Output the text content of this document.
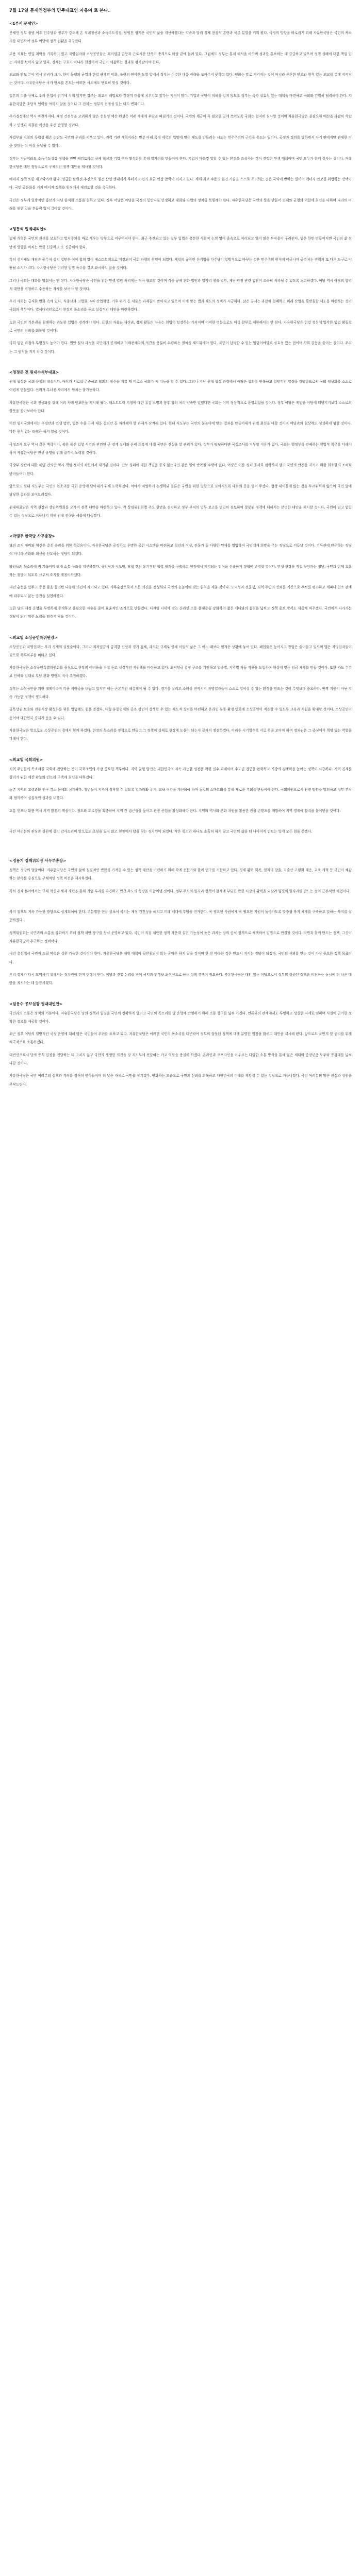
7월 17일 문재인정부의 민주대표인 자유여 로 본다.
<1부서 문재인>
문재인 정부 출범 이후 민주당과 정부가 강조해 온 적폐청산과 소득주도성장, 탈원전 정책은 국민의 삶을 개선하겠다는 약속과 달리 경제 현장의 혼란과 국론 분열을 키워 왔다. 국정의 방향을 바로잡기 위해 자유한국당은 국민의 목소리를 대변하여 정부 여당에 정책 전환을 촉구한다.
고용 지표는 연일 최악을 기록하고 있고 자영업자와 소상공인들은 최저임금 급등과 근로시간 단축의 충격으로 벼랑 끝에 몰려 있다. 그럼에도 정부는 통계 해석을 바꾸며 성과를 홍보하는 데 급급하고 있으며 정책 실패에 대한 책임 있는 자세를 보이지 않고 있다. 경제는 구호가 아니라 현실이며 국민이 체감하는 결과로 평가받아야 한다.
외교와 안보 분야 역시 우려가 크다. 한미 동맹의 균열과 한일 관계의 악화, 북한의 연이은 도발 앞에서 정부는 뚜렷한 대응 전략을 보여주지 못하고 있다. 평화는 말로 지켜지는 것이 아니라 튼튼한 안보와 원칙 있는 외교를 통해 지켜지는 것이다. 자유한국당은 국가 안보를 흔드는 어떠한 시도에도 단호히 맞설 것이다.
일본의 수출 규제로 우리 산업이 위기에 처해 있지만 정부는 외교적 해법보다 감정적 대응에 치우치고 있다는 지적이 많다. 기업과 국민이 피해를 입지 않도록 정부는 즉각 실효성 있는 대책을 마련하고 국회와 긴밀히 협력해야 한다. 자유한국당은 초당적 협력을 아끼지 않을 것이나 그 전제는 정부의 진정성 있는 태도 변화이다.
추가경정예산 역시 마찬가지다. 재정 건전성을 고려하지 않은 선심성 예산 편성은 미래 세대에 부담을 떠넘기는 것이다. 국민의 세금이 꼭 필요한 곳에 쓰이도록 국회는 철저히 심사할 것이며 자유한국당은 불필요한 예산을 과감히 삭감하고 민생과 직결된 예산을 우선 반영할 것이다.
사법부와 검찰의 독립성 훼손 논란도 국민의 우려를 키우고 있다. 권력 기관 개혁이라는 명분 아래 특정 세력의 입맛에 맞는 제도를 만들려는 시도는 민주주의의 근간을 흔드는 일이다. 공정과 정의를 말하면서 자기 편에게만 관대한 이중 잣대는 더 이상 용납될 수 없다.
정부는 지금이라도 소득주도성장 정책을 전면 재검토하고 규제 혁신과 기업 투자 활성화를 통해 일자리를 만들어야 한다. 기업이 마음껏 일할 수 있는 환경을 조성하는 것이 진정한 민생 대책이며 국민 모두가 함께 잘사는 길이다. 자유한국당은 대안 정당으로서 구체적인 정책 대안을 제시할 것이다.
에너지 정책 또한 재고되어야 한다. 성급한 탈원전 추진으로 원전 산업 생태계가 무너지고 전기 요금 인상 압박이 커지고 있다. 세계 최고 수준의 원전 기술을 스스로 포기하는 것은 국익에 반하는 일이며 에너지 안보를 위협하는 선택이다. 국민 공론화를 거쳐 에너지 정책을 원점에서 재검토할 것을 촉구한다.
국민은 정부에 일방적인 홍보가 아닌 솔직한 소통을 원하고 있다. 정부 여당은 야당을 국정의 동반자로 인정하고 대화와 타협의 정치를 복원해야 한다. 자유한국당은 국민의 뜻을 받들어 견제와 균형의 역할에 최선을 다하며 나라의 미래를 위한 길을 흔들림 없이 걸어갈 것이다.
<정동석 법제대리인>
법제 개혁은 국민의 권리를 보호하고 법치주의를 바로 세우는 방향으로 이루어져야 한다. 최근 추진되고 있는 일부 입법은 충분한 사회적 논의 없이 졸속으로 처리되고 있어 많은 부작용이 우려된다. 법은 한번 만들어지면 국민의 삶 전반에 영향을 미치는 만큼 신중하고 또 신중해야 한다.
특히 선거제도 개편과 공수처 설치 법안은 여야 합의 없이 패스트트랙으로 지정되어 국회 파행의 원인이 되었다. 게임의 규칙인 선거법을 다수당이 일방적으로 바꾸는 것은 민주주의 원칙에 어긋나며 공수처는 권력의 또 다른 도구로 악용될 소지가 크다. 자유한국당은 이러한 입법 독주를 결코 좌시하지 않을 것이다.
그러나 국회는 대화를 멈춰서는 안 된다. 자유한국당은 국민을 위한 민생 법안 처리에는 적극 협조할 것이며 각종 규제 완화 법안과 일자리 창출 법안, 재난 안전 관련 법안이 조속히 처리될 수 있도록 노력하겠다. 여당 역시 야당의 합리적 대안을 경청하고 수용하는 자세를 보여야 할 것이다.
우리 사회는 급격한 변화 속에 있다. 저출산과 고령화, 4차 산업혁명, 기후 위기 등 새로운 과제들이 쏟아지고 있으며 이에 맞는 법과 제도의 정비가 시급하다. 낡은 규제는 과감히 철폐하고 미래 산업을 뒷받침할 제도를 마련하는 것이 국회의 책무이다. 법제대리인으로서 현장의 목소리를 듣고 실질적인 대안을 마련하겠다.
또한 국민의 기본권을 침해하는 과도한 입법은 경계해야 한다. 표현의 자유와 재산권, 경제 활동의 자유는 헌법이 보장하는 가치이며 어떠한 명분으로도 이를 함부로 제한해서는 안 된다. 자유한국당은 헌법 정신에 입각한 입법 활동으로 국민의 신뢰를 회복할 것이다.
국회 입법 과정의 투명성도 높여야 한다. 법안 심사 과정을 국민에게 공개하고 이해관계자의 의견을 충분히 수렴하는 절차를 제도화해야 한다. 국민이 납득할 수 있는 입법이야말로 실효성 있는 법이며 사회 갈등을 줄이는 길이다. 우리는 그 원칙을 지켜 나갈 것이다.
<정정준 전 원내수석부대표>
원내 협상은 국회 운영의 핵심이다. 여야가 서로를 존중하고 합의의 정신을 지킬 때 비로소 국회가 제 기능을 할 수 있다. 그러나 지난 원내 협상 과정에서 여당은 합의를 번복하고 일방적인 일정을 강행함으로써 국회 정상화를 스스로 어렵게 만들었다. 신뢰가 무너진 자리에서 협치는 불가능하다.
자유한국당은 국회 정상화를 위해 여러 차례 양보안을 제시해 왔다. 패스트트랙 지정에 대한 유감 표명과 향후 합의 처리 약속만 있었다면 국회는 이미 정상적으로 운영되었을 것이다. 정부 여당은 책임을 야당에 떠넘기기보다 스스로의 잘못을 돌아보아야 한다.
이번 임시국회에서는 추경안과 민생 법안, 일본 수출 규제 대응 결의안 등 처리해야 할 과제가 산적해 있다. 원내 지도부는 국민의 눈높이에 맞는 결과를 만들어내기 위해 최선을 다할 것이며 여당과의 협상에도 성실하게 임할 것이다. 다만 원칙 없는 타협은 하지 않을 것이다.
국정조사 요구 역시 같은 맥락이다. 북한 목선 입항 사건과 관련된 군 경계 실패와 은폐 의혹에 대해 국민은 진실을 알 권리가 있다. 정부가 떳떳하다면 국정조사를 거부할 이유가 없다. 국회는 행정부를 견제하는 헌법적 책무를 다해야 하며 자유한국당은 진상 규명을 위해 끝까지 노력할 것이다.
국방부 장관에 대한 해임 건의안 역시 책임 정치의 차원에서 제기된 것이다. 안보 실패에 대한 책임을 묻지 않는다면 같은 일이 반복될 수밖에 없다. 여당은 이를 정치 공세로 폄하하지 말고 국민의 안전을 지키기 위한 최소한의 조치로 받아들여야 한다.
앞으로도 원내 지도부는 국민의 목소리를 국회 운영에 담아내기 위해 노력하겠다. 여야가 치열하게 논쟁하되 결론은 국민을 위한 방향으로 모아지도록 대화의 문을 열어 두겠다. 협상 테이블에 앉는 것을 두려워하지 않으며 국민 앞에 당당한 결과를 보여드리겠다.
원내대표단은 지역 현장과 상임위원회를 오가며 정책 대안을 마련하고 있다. 각 상임위원회별 주요 현안을 점검하고 정부 부처의 업무 보고를 면밀히 검토하여 잘못된 정책에 대해서는 분명한 대안을 제시할 것이다. 국민이 믿고 맡길 수 있는 정당으로 거듭나기 위해 원내 전략을 새롭게 다듬겠다.
<박맹우 한국당 사무총장>
당의 조직 정비와 혁신은 총선 승리를 위한 첫걸음이다. 자유한국당은 공정하고 투명한 공천 시스템을 마련하고 청년과 여성, 전문가 등 다양한 인재를 영입하여 국민에게 희망을 주는 정당으로 거듭날 것이다. 기득권에 안주하는 정당이 아니라 변화와 쇄신을 선도하는 정당이 되겠다.
당원들의 목소리에 귀 기울이며 당내 소통 구조를 개선하겠다. 중앙당과 시도당, 당협 간의 유기적인 협력 체계를 구축하고 현장에서 제기되는 민심을 신속하게 정책에 반영할 것이다. 민생 현장을 직접 찾아가는 정당, 국민과 함께 호흡하는 정당이 되도록 사무처 조직을 재정비하겠다.
내년 총선을 앞두고 공천 룰을 둘러싼 다양한 의견이 제기되고 있다. 사무총장으로서 모든 의견을 경청하되 국민의 눈높이에 맞는 원칙을 세울 것이다. 도덕성과 전문성, 지역 주민의 신뢰를 기준으로 후보를 평가하고 계파나 친소 관계에 좌우되지 않는 공천을 실현하겠다.
또한 당의 재정 운영을 투명하게 공개하고 불필요한 지출을 줄여 효율적인 조직으로 만들겠다. 디지털 시대에 맞는 온라인 소통 플랫폼을 강화하여 젊은 세대와의 접점을 넓히고 정책 홍보 방식도 새롭게 바꾸겠다. 국민에게 다가가는 정당이 되기 위한 노력을 멈추지 않을 것이다.
<최교일 소상공인특위원장>
소상공인과 자영업자는 우리 경제의 실핏줄이다. 그러나 최저임금의 급격한 인상과 경기 침체, 과도한 규제로 인해 이들의 삶은 그 어느 때보다 힘겨운 상황에 놓여 있다. 폐업률은 높아지고 창업은 줄어들고 있으며 많은 자영업자들이 빚으로 하루하루를 버티고 있다.
자유한국당은 소상공인특별위원회를 중심으로 현장의 어려움을 직접 듣고 실질적인 지원책을 마련하고 있다. 최저임금 결정 구조를 개편하고 업종별, 지역별 차등 적용을 도입하여 현실에 맞는 임금 체계를 만들 것이다. 또한 카드 수수료 인하와 임대료 부담 완화 방안도 적극 추진하겠다.
정부는 소상공인을 위한 대책이라며 각종 지원금을 내놓고 있지만 이는 근본적인 해결책이 될 수 없다. 경기를 살리고 소비를 진작시켜 자영업자들이 스스로 일어설 수 있는 환경을 만드는 것이 무엇보다 중요하다. 반짝 지원이 아닌 지속 가능한 정책이 필요하다.
골목상권 보호와 전통시장 활성화를 위한 입법에도 힘을 쏟겠다. 대형 유통업체와 중소 상인이 상생할 수 있는 제도적 장치를 마련하고 온라인 유통 환경 변화에 소상공인이 적응할 수 있도록 교육과 지원을 확대할 것이다. 소상공인이 웃어야 대한민국 경제가 웃을 수 있다.
자유한국당은 앞으로도 소상공인의 곁에서 함께 하겠다. 현장의 목소리를 정책으로 만들고 그 정책이 실제로 현장에 도움이 되는지 끝까지 점검하겠다. 어려운 시기일수록 서로 힘을 모아야 하며 정치권은 그 중심에서 책임 있는 역할을 다해야 한다.
<최교일 국회의원>
지역 주민들의 목소리를 국회에 전달하는 것이 국회의원의 가장 중요한 책무이다. 지역 균형 발전은 대한민국의 지속 가능한 성장을 위한 필수 과제이며 수도권 집중을 완화하고 지방의 경쟁력을 높이는 정책이 시급하다. 지역 경제를 살리기 위한 예산 확보와 인프라 구축에 최선을 다하겠다.
농촌 지역의 고령화와 인구 감소 문제도 심각하다. 청년들이 지역에 정착할 수 있도록 일자리와 주거, 교육 여건을 개선해야 하며 농업의 스마트화를 통해 새로운 기회를 만들어야 한다. 국회의원으로서 관련 법안을 발의하고 정부 부처와 협의하여 실질적인 성과를 내겠다.
교통 인프라 확충 역시 지역 발전의 핵심이다. 철도와 도로망을 확충하여 지역 간 접근성을 높이고 관광 산업을 활성화해야 한다. 지역의 역사와 문화 자원을 활용한 관광 콘텐츠를 개발하여 지역 경제에 활력을 불어넣을 것이다.
국민 여러분의 관심과 성원에 깊이 감사드리며 앞으로도 초심을 잃지 않고 현장에서 답을 찾는 정치인이 되겠다. 작은 목소리 하나도 소홀히 하지 않고 국민의 삶을 더 나아지게 만드는 일에 모든 힘을 쏟겠다.
<정용기 정책위의장 사무부총장>
정책은 정당의 얼굴이다. 자유한국당은 국민의 삶에 실질적인 변화를 가져올 수 있는 정책 대안을 마련하기 위해 각계 전문가와 함께 연구를 거듭하고 있다. 경제 활력 회복, 일자리 창출, 저출산 고령화 대응, 교육 개혁 등 국민이 체감하는 분야를 중심으로 구체적인 정책 비전을 제시하겠다.
특히 경제 분야에서는 규제 혁신과 세제 개편을 통해 기업 투자를 촉진하고 민간 주도의 성장을 이끌어낼 것이다. 정부 주도의 일자리 정책이 한계에 부딪힌 만큼 시장의 활력을 되살려 양질의 일자리를 만드는 것이 근본적인 해법이다.
복지 정책도 지속 가능한 방향으로 설계되어야 한다. 무분별한 현금 살포식 복지는 재정 건전성을 해치고 미래 세대에 부담을 전가한다. 꼭 필요한 사람에게 꼭 필요한 지원이 돌아가도록 맞춤형 복지 체계를 구축하고 일하는 복지를 실현하겠다.
정책위원회는 국민과의 소통을 강화하기 위해 정책 제안 창구를 상시 운영하고 있다. 국민이 직접 제안한 정책 가운데 실현 가능성이 높은 과제는 당의 공식 정책으로 채택하여 입법으로 연결할 것이다. 국민과 함께 만드는 정책, 그것이 자유한국당이 추구하는 정치이다.
내년 총선에서 국민께 드릴 약속은 실천 가능한 것이어야 한다. 자유한국당은 재원 대책이 뒷받침되지 않는 공약은 하지 않을 것이며 한 번 약속한 것은 반드시 지키는 정당이 되겠다. 국민의 신뢰를 얻는 것이 가장 중요한 정책 목표이다.
우리 경제가 다시 도약하기 위해서는 정치권이 먼저 변해야 한다. 이념과 진영 논리를 넘어 국익과 민생을 최우선으로 하는 정책 경쟁이 필요하다. 자유한국당은 대안 있는 야당으로서 정부의 잘못된 정책을 비판하는 동시에 더 나은 대안을 제시하는 데 앞장서겠다.
<엄용수 공보실장 원내대변인>
국민과의 소통은 정치의 기본이다. 자유한국당은 당의 정책과 입장을 국민께 정확하게 알리고 국민의 목소리를 당 운영에 반영하기 위해 소통 창구를 넓혀 가겠다. 언론과의 관계에서도 투명하고 성실한 자세로 임하며 사실에 근거한 정확한 정보를 제공할 것이다.
최근 정부 여당의 일방적인 국정 운영에 대해 많은 국민들이 우려를 표하고 있다. 자유한국당은 이러한 국민의 목소리를 대변하여 정부의 잘못된 정책에 대해 분명한 입장을 밝히고 대안을 제시해 왔다. 앞으로도 국민의 알 권리를 위해 적극적으로 소통하겠다.
대변인으로서 당의 공식 입장을 전달하는 데 그치지 않고 국민의 생생한 의견을 당 지도부에 전달하는 가교 역할을 충실히 하겠다. 온라인과 오프라인을 아우르는 다양한 소통 방식을 통해 젊은 세대와 중장년층 모두와 공감대를 넓혀 나갈 것이다.
자유한국당은 국민 여러분의 질책과 격려를 겸허히 받아들이며 더 낮은 자세로 국민을 섬기겠다. 변화하는 모습으로 국민의 신뢰를 회복하고 대한민국의 미래를 책임질 수 있는 정당으로 거듭나겠다. 국민 여러분의 많은 관심과 성원을 부탁드린다.
